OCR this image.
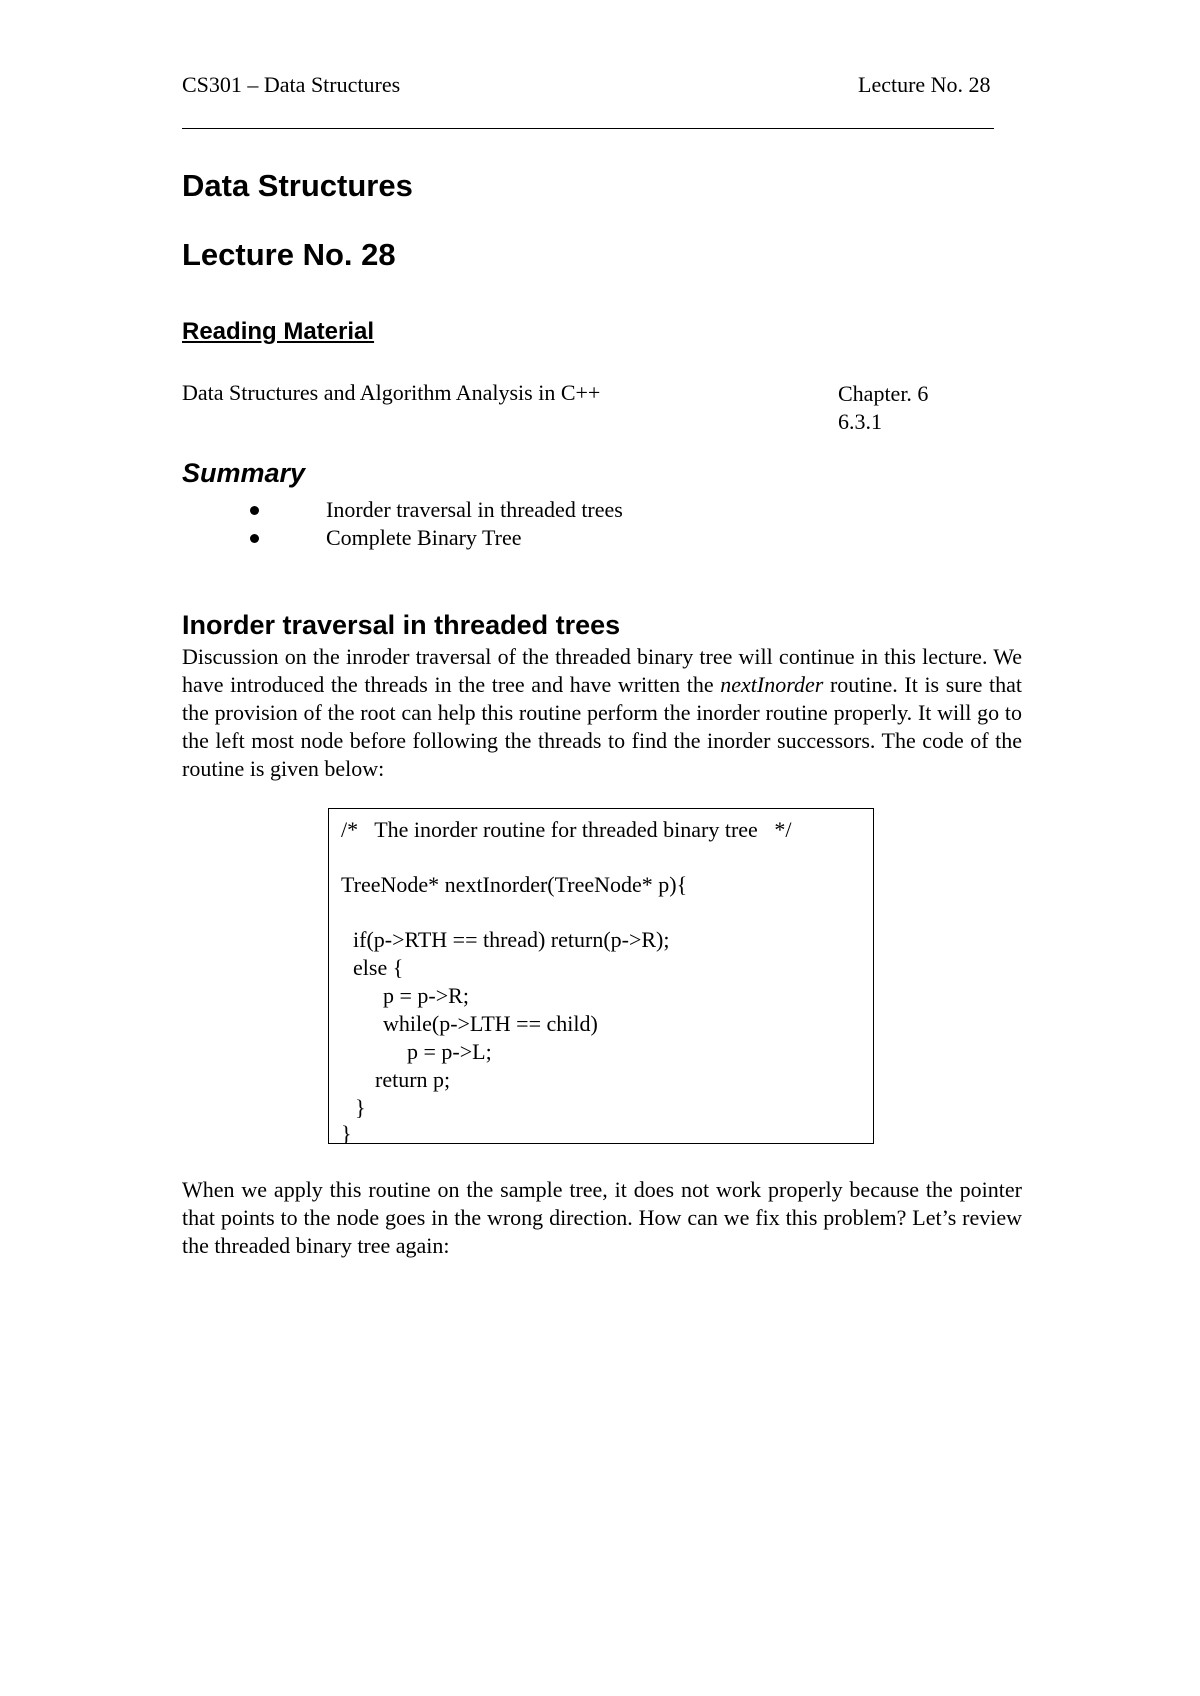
CS301 – Data Structures	Lecture No. 28
Data Structures
Lecture No. 28
Reading Material
Data Structures and Algorithm Analysis in C++	Chapter. 6
6.3.1
Summary
Inorder traversal in threaded trees
Complete Binary Tree
Inorder traversal in threaded trees

Discussion on the inroder traversal of the threaded binary tree will continue in this lecture. We have introduced the threads in the tree and have written the nextInorder routine. It is sure that the provision of the root can help this routine perform the inorder routine properly. It will go to the left most node before following the threads to find the inorder successors. The code of the routine is given below:

/*   The inorder routine for threaded binary tree   */
TreeNode* nextInorder(TreeNode* p){
if(p->RTH == thread) return(p->R);
else {
p = p->R;
while(p->LTH == child)
p = p->L;
return p;
}
}

When we apply this routine on the sample tree, it does not work properly because the pointer that points to the node goes in the wrong direction. How can we fix this problem? Let’s review the threaded binary tree again:
